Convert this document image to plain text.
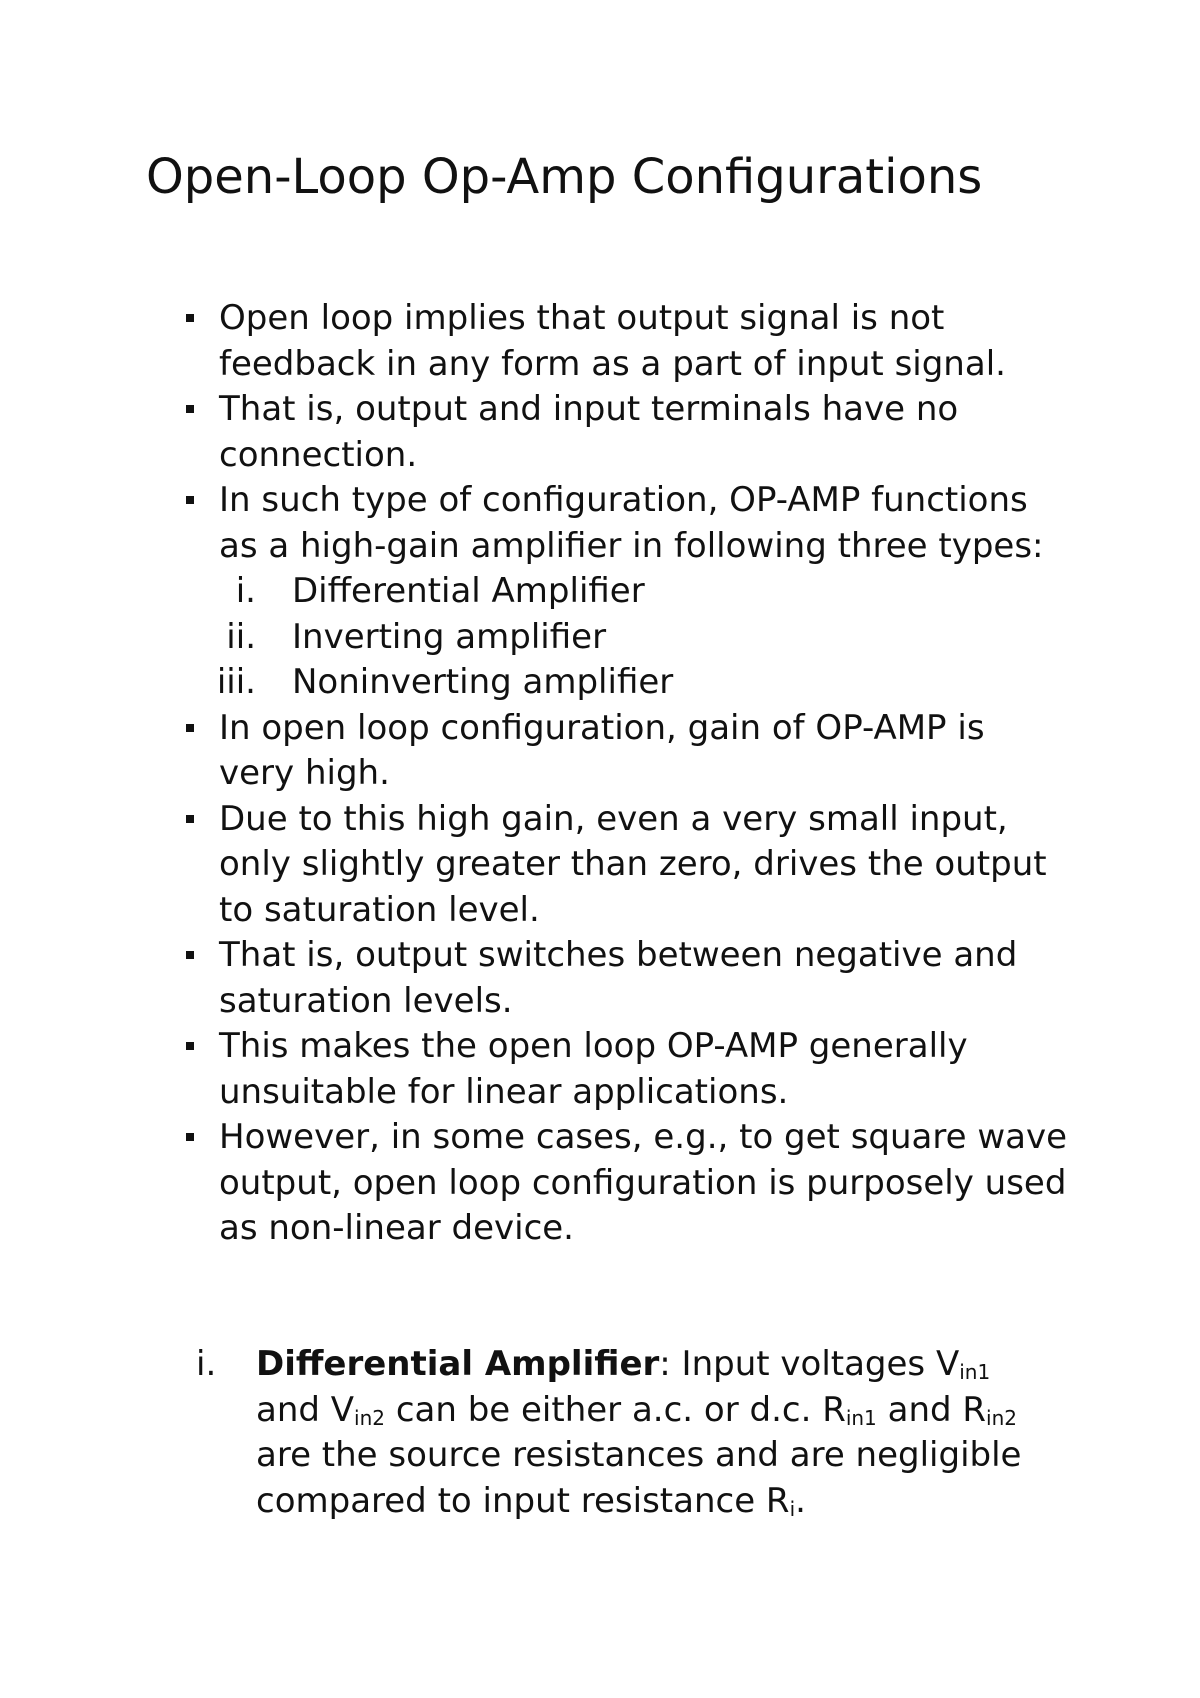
Open-Loop Op-Amp Configurations
Open loop implies that output signal is not feedback in any form as a part of input signal.
That is, output and input terminals have no connection.
In such type of configuration, OP-AMP functions as a high-gain amplifier in following three types:
i. Differential Amplifier
ii. Inverting amplifier
iii. Noninverting amplifier
In open loop configuration, gain of OP-AMP is very high.
Due to this high gain, even a very small input, only slightly greater than zero, drives the output to saturation level.
That is, output switches between negative and saturation levels.
This makes the open loop OP-AMP generally unsuitable for linear applications.
However, in some cases, e.g., to get square wave output, open loop configuration is purposely used as non-linear device.
i. Differential Amplifier: Input voltages $V_{in1}$ and $V_{in2}$ can be either a.c. or d.c. $R_{in1}$ and $R_{in2}$ are the source resistances and are negligible compared to input resistance $R_i$.
